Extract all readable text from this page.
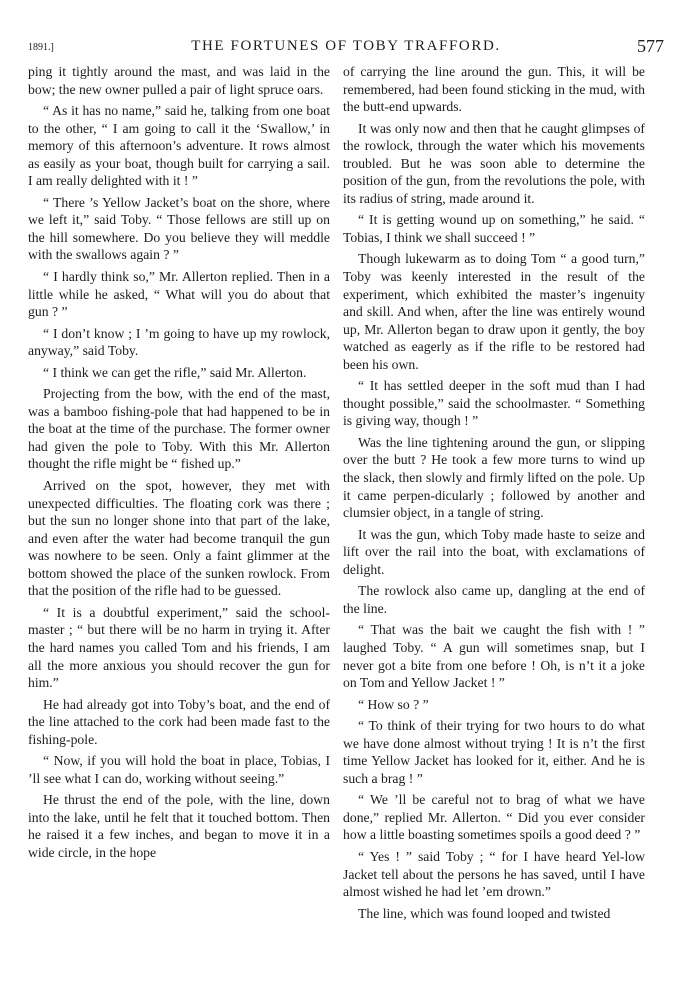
1891.]	THE FORTUNES OF TOBY TRAFFORD.	577

ping it tightly around the mast, and was laid in the bow; the new owner pulled a pair of light spruce oars.

“ As it has no name,” said he, talking from one boat to the other, “ I am going to call it the ‘Swallow,’ in memory of this afternoon’s adventure. It rows almost as easily as your boat, though built for carrying a sail. I am really delighted with it ! ”

“ There ’s Yellow Jacket’s boat on the shore, where we left it,” said Toby. “ Those fellows are still up on the hill somewhere. Do you believe they will meddle with the swallows again ? ”

“ I hardly think so,” Mr. Allerton replied. Then in a little while he asked, “ What will you do about that gun ? ”

“ I don’t know ; I ’m going to have up my rowlock, anyway,” said Toby.

“ I think we can get the rifle,” said Mr. Allerton.

Projecting from the bow, with the end of the mast, was a bamboo fishing-pole that had happened to be in the boat at the time of the purchase. The former owner had given the pole to Toby. With this Mr. Allerton thought the rifle might be “ fished up.”

Arrived on the spot, however, they met with unexpected difficulties. The floating cork was there ; but the sun no longer shone into that part of the lake, and even after the water had become tranquil the gun was nowhere to be seen. Only a faint glimmer at the bottom showed the place of the sunken rowlock. From that the position of the rifle had to be guessed.

“ It is a doubtful experiment,” said the school-master ; “ but there will be no harm in trying it. After the hard names you called Tom and his friends, I am all the more anxious you should recover the gun for him.”

He had already got into Toby’s boat, and the end of the line attached to the cork had been made fast to the fishing-pole.

“ Now, if you will hold the boat in place, Tobias, I ’ll see what I can do, working without seeing.”

He thrust the end of the pole, with the line, down into the lake, until he felt that it touched bottom. Then he raised it a few inches, and began to move it in a wide circle, in the hope

of carrying the line around the gun. This, it will be remembered, had been found sticking in the mud, with the butt-end upwards.

It was only now and then that he caught glimpses of the rowlock, through the water which his movements troubled. But he was soon able to determine the position of the gun, from the revolutions the pole, with its radius of string, made around it.

“ It is getting wound up on something,” he said. “ Tobias, I think we shall succeed ! ”

Though lukewarm as to doing Tom “ a good turn,” Toby was keenly interested in the result of the experiment, which exhibited the master’s ingenuity and skill. And when, after the line was entirely wound up, Mr. Allerton began to draw upon it gently, the boy watched as eagerly as if the rifle to be restored had been his own.

“ It has settled deeper in the soft mud than I had thought possible,” said the schoolmaster. “ Something is giving way, though ! ”

Was the line tightening around the gun, or slipping over the butt ? He took a few more turns to wind up the slack, then slowly and firmly lifted on the pole. Up it came perpen-dicularly ; followed by another and clumsier object, in a tangle of string.

It was the gun, which Toby made haste to seize and lift over the rail into the boat, with exclamations of delight.

The rowlock also came up, dangling at the end of the line.

“ That was the bait we caught the fish with ! ” laughed Toby. “ A gun will sometimes snap, but I never got a bite from one before ! Oh, is n’t it a joke on Tom and Yellow Jacket ! ”

“ How so ? ”

“ To think of their trying for two hours to do what we have done almost without trying ! It is n’t the first time Yellow Jacket has looked for it, either. And he is such a brag ! ”

“ We ’ll be careful not to brag of what we have done,” replied Mr. Allerton. “ Did you ever consider how a little boasting sometimes spoils a good deed ? ”

“ Yes ! ” said Toby ; “ for I have heard Yel-low Jacket tell about the persons he has saved, until I have almost wished he had let ’em drown.”

The line, which was found looped and twisted
